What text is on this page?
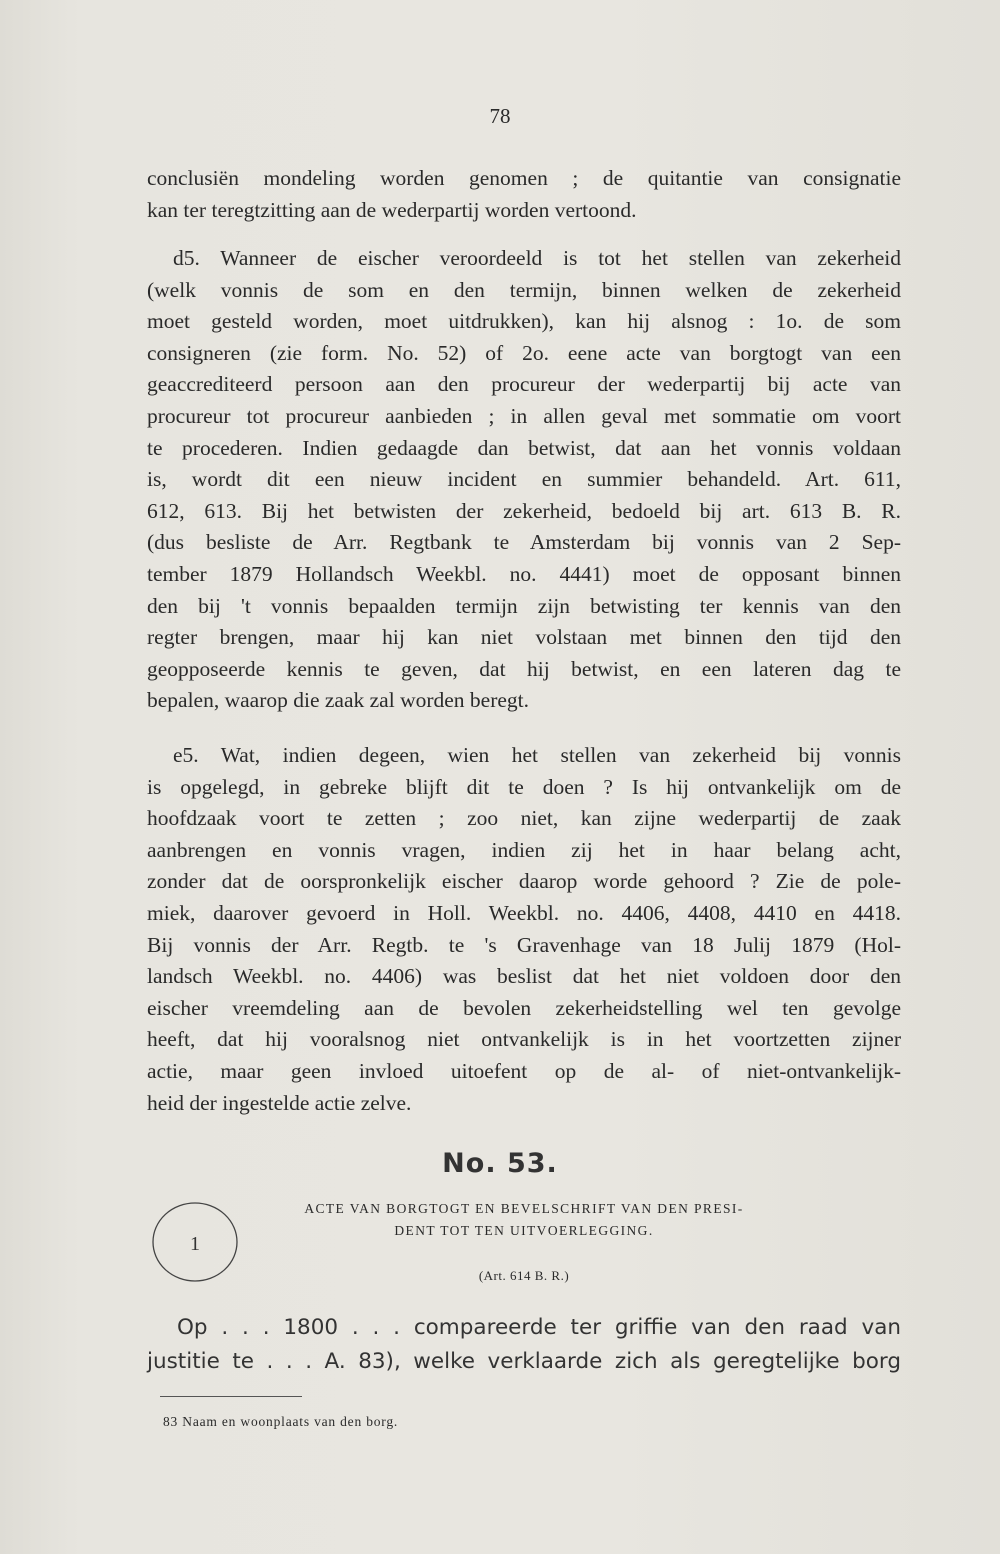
78
conclusiën mondeling worden genomen ; de quitantie van consignatie
kan ter teregtzitting aan de wederpartij worden vertoond.
d5. Wanneer de eischer veroordeeld is tot het stellen van zekerheid
(welk vonnis de som en den termijn, binnen welken de zekerheid
moet gesteld worden, moet uitdrukken), kan hij alsnog : 1o. de som
consigneren (zie form. No. 52) of 2o. eene acte van borgtogt van een
geaccrediteerd persoon aan den procureur der wederpartij bij acte van
procureur tot procureur aanbieden ; in allen geval met sommatie om voort
te procederen. Indien gedaagde dan betwist, dat aan het vonnis voldaan
is, wordt dit een nieuw incident en summier behandeld. Art. 611,
612, 613. Bij het betwisten der zekerheid, bedoeld bij art. 613 B. R.
(dus besliste de Arr. Regtbank te Amsterdam bij vonnis van 2 Sep-
tember 1879 Hollandsch Weekbl. no. 4441) moet de opposant binnen
den bij 't vonnis bepaalden termijn zijn betwisting ter kennis van den
regter brengen, maar hij kan niet volstaan met binnen den tijd den
geopposeerde kennis te geven, dat hij betwist, en een lateren dag te
bepalen, waarop die zaak zal worden beregt.
e5. Wat, indien degeen, wien het stellen van zekerheid bij vonnis
is opgelegd, in gebreke blijft dit te doen ? Is hij ontvankelijk om de
hoofdzaak voort te zetten ; zoo niet, kan zijne wederpartij de zaak
aanbrengen en vonnis vragen, indien zij het in haar belang acht,
zonder dat de oorspronkelijk eischer daarop worde gehoord ? Zie de pole-
miek, daarover gevoerd in Holl. Weekbl. no. 4406, 4408, 4410 en 4418.
Bij vonnis der Arr. Regtb. te 's Gravenhage van 18 Julij 1879 (Hol-
landsch Weekbl. no. 4406) was beslist dat het niet voldoen door den
eischer vreemdeling aan de bevolen zekerheidstelling wel ten gevolge
heeft, dat hij vooralsnog niet ontvankelijk is in het voortzetten zijner
actie, maar geen invloed uitoefent op de al- of niet-ontvankelijk-
heid der ingestelde actie zelve.
No. 53.
1
ACTE VAN BORGTOGT EN BEVELSCHRIFT VAN DEN PRESI-
DENT TOT TEN UITVOERLEGGING.
(Art. 614 B. R.)
Op . . . 1800 . . . compareerde ter griffie van den raad van
justitie te . . . A. 83), welke verklaarde zich als geregtelijke borg
83 Naam en woonplaats van den borg.
